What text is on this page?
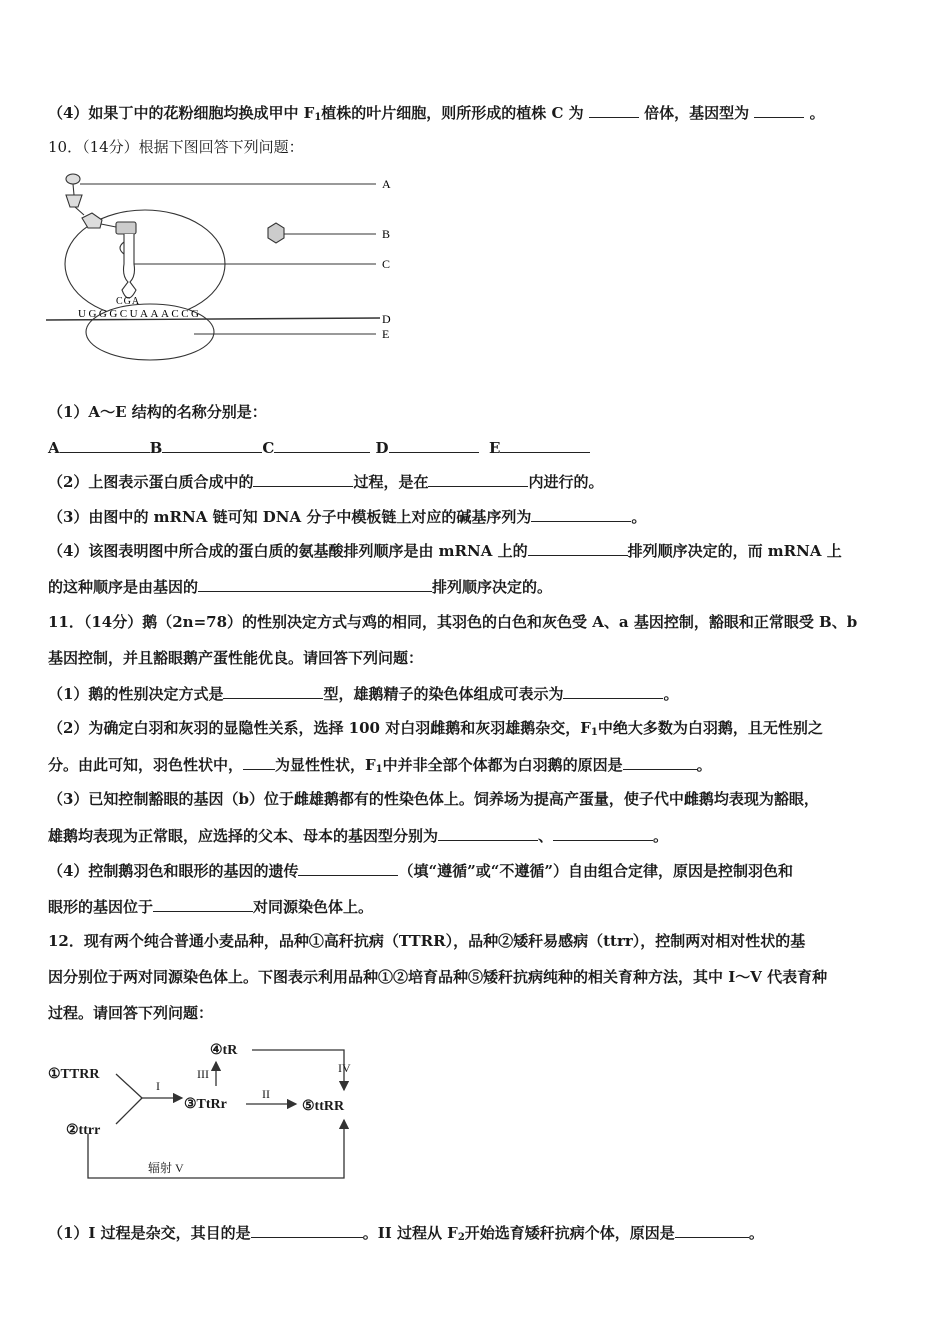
（4）如果丁中的花粉细胞均换成甲中 $F_1$植株的叶片细胞，则所形成的植株 C 为	倍体，基因型为	。
10．（14分）根据下图回答下列问题：
A
B
C
D
E
CGA
UGGGCUAAACCG
（1）A～E 结构的名称分别是：
A	B	C	D	E
（2）上图表示蛋白质合成中的	过程，是在	内进行的。
（3）由图中的 mRNA 链可知 DNA 分子中模板链上对应的碱基序列为	。
（4）该图表明图中所合成的蛋白质的氨基酸排列顺序是由 mRNA 上的	排列顺序决定的，而 mRNA 上
的这种顺序是由基因的	排列顺序决定的。
11．（14分）鹅（2n=78）的性别决定方式与鸡的相同，其羽色的白色和灰色受 A、a 基因控制，豁眼和正常眼受 B、b
基因控制，并且豁眼鹅产蛋性能优良。请回答下列问题：
（1）鹅的性别决定方式是	型，雄鹅精子的染色体组成可表示为	。
（2）为确定白羽和灰羽的显隐性关系，选择 100 对白羽雌鹅和灰羽雄鹅杂交，$F_1$中绝大多数为白羽鹅，且无性别之
分。由此可知，羽色性状中， 为显性性状，$F_1$中并非全部个体都为白羽鹅的原因是	。
（3）已知控制豁眼的基因（b）位于雌雄鹅都有的性染色体上。饲养场为提高产蛋量，使子代中雌鹅均表现为豁眼，
雄鹅均表现为正常眼，应选择的父本、母本的基因型分别为	、	。
（4）控制鹅羽色和眼形的基因的遗传	（填“遵循”或“不遵循”）自由组合定律，原因是控制羽色和
眼形的基因位于	对同源染色体上。
12．现有两个纯合普通小麦品种，品种①高秆抗病（TTRR），品种②矮秆易感病（ttrr），控制两对相对性状的基
因分别位于两对同源染色体上。下图表示利用品种①②培育品种⑤矮秆抗病纯种的相关育种方法，其中 I～V 代表育种
过程。请回答下列问题：
①TTRR
②ttrr
③TtRr
④tR
⑤ttRR
I
II
III	IV
辐射 V
（1）I 过程是杂交，其目的是	。II 过程从 $F_2$开始选育矮秆抗病个体，原因是	。
